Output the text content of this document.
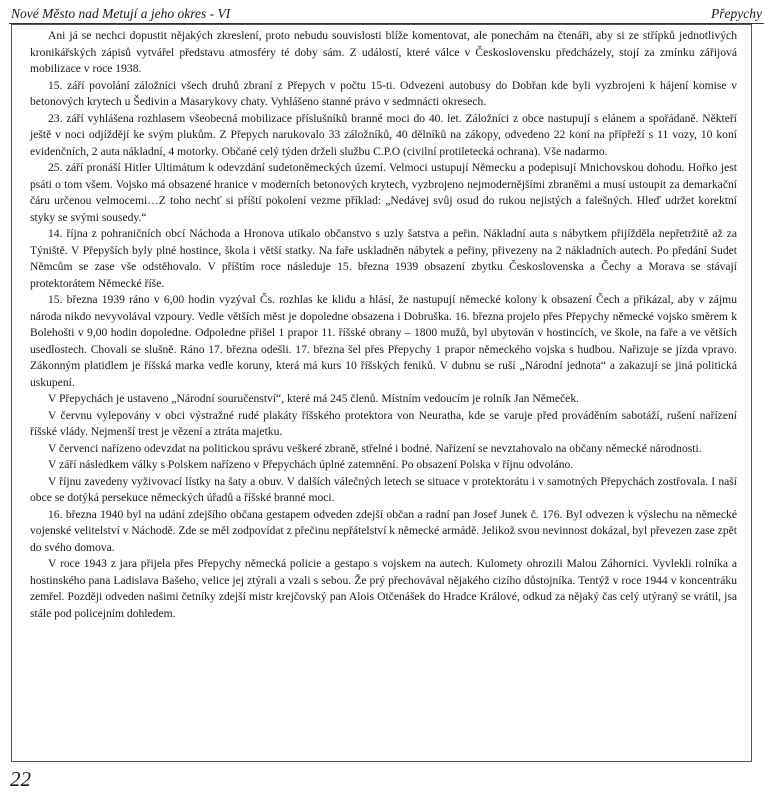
Nové Město nad Metují a jeho okres - VI	Přepychy

Ani já se nechci dopustit nějakých zkreslení, proto nebudu souvislosti blíže komentovat, ale ponechám na čtenáři, aby si ze střípků jednotlivých kronikářských zápisů vytvářel představu atmosféry té doby sám. Z událostí, které válce v Československu předcházely, stojí za zmínku zářijová mobilizace v roce 1938.

15. září povolání záložníci všech druhů zbraní z Přepych v počtu 15-ti. Odvezeni autobusy do Dobřan kde byli vyzbrojeni k hájení komise v betonových krytech u Šedivin a Masarykovy chaty. Vyhlášeno stanné právo v sedmnácti okresech.

23. září vyhlášena rozhlasem všeobecná mobilizace příslušníků branné moci do 40. let. Záložníci z obce nastupují s elánem a spořádaně. Někteří ještě v noci odjíždějí ke svým plukům. Z Přepych narukovalo 33 záložníků, 40 dělníků na zákopy, odvedeno 22 koní na přípřeží s 11 vozy, 10 koní evidenčních, 2 auta nákladní, 4 motorky. Občané celý týden drželi službu C.P.O (civilní protiletecká ochrana). Vše nadarmo.

25. září pronáší Hitler Ultimátum k odevzdání sudetoněmeckých území. Velmoci ustupují Německu a podepisují Mnichovskou dohodu. Hořko jest psáti o tom všem. Vojsko má obsazené hranice v moderních betonových krytech, vyzbrojeno nejmodernějšími zbraněmi a musí ustoupit za demarkační čáru určenou velmocemi…Z toho nechť si příští pokolení vezme příklad: „Nedávej svůj osud do rukou nejistých a falešných. Hleď udržet korektní styky se svými sousedy.“

14. října z pohraničních obcí Náchoda a Hronova utíkalo občanstvo s uzly šatstva a peřin. Nákladní auta s nábytkem přijížděla nepřetržitě až za Týniště. V Přepyších byly plné hostince, škola i větší statky. Na faře uskladněn nábytek a peřiny, přivezeny na 2 nákladních autech. Po předání Sudet Němcům se zase vše odstěhovalo. V příštím roce následuje 15. března 1939 obsazení zbytku Československa a Čechy a Morava se stávají protektorátem Německé říše.

15. března 1939 ráno v 6,00 hodin vyzýval Čs. rozhlas ke klidu a hlásí, že nastupují německé kolony k obsazení Čech a přikázal, aby v zájmu národa nikdo nevyvolával vzpoury. Vedle větších měst je dopoledne obsazena i Dobruška. 16. března projelo přes Přepychy německé vojsko směrem k Bolehošti v 9,00 hodin dopoledne. Odpoledne přišel 1 prapor 11. říšské obrany – 1800 mužů, byl ubytován v hostincích, ve škole, na faře a ve větších usedlostech. Chovali se slušně. Ráno 17. března odešli. 17. března šel přes Přepychy 1 prapor německého vojska s hudbou. Nařizuje se jízda vpravo. Zákonným platidlem je říšská marka vedle koruny, která má kurs 10 říšských feniků. V dubnu se ruší „Národní jednota“ a zakazují se jiná politická uskupení.

V Přepychách je ustaveno „Národní souručenství“, které má 245 členů. Místním vedoucím je rolník Jan Němeček.

V červnu vylepovány v obci výstražné rudé plakáty říšského protektora von Neuratha, kde se varuje před prováděním sabotáží, rušení nařízení říšské vlády. Nejmenší trest je vězení a ztráta majetku.

V červenci nařízeno odevzdat na politickou správu veškeré zbraně, střelné i bodné. Nařízení se nevztahovalo na občany německé národnosti.

V září následkem války s Polskem nařízeno v Přepychách úplné zatemnění. Po obsazení Polska v říjnu odvoláno.

V říjnu zavedeny vyživovací lístky na šaty a obuv. V dalších válečných letech se situace v protektorátu i v samotných Přepychách zostřovala. I naší obce se dotýká persekuce německých úřadů a říšské branné moci.

16. března 1940 byl na udání zdejšího občana gestapem odveden zdejší občan a radní pan Josef Junek č. 176. Byl odvezen k výslechu na německé vojenské velitelství v Náchodě. Zde se měl zodpovídat z přečinu nepřátelství k německé armádě. Jelikož svou nevinnost dokázal, byl převezen zase zpět do svého domova.

V roce 1943 z jara přijela přes Přepychy německá policie a gestapo s vojskem na autech. Kulomety ohrozili Malou Záhornici. Vyvlekli rolníka a hostinského pana Ladislava Bašeho, velice jej ztýrali a vzali s sebou. Že prý přechovával nějakého cizího důstojníka. Tentýž v roce 1944 v koncentráku zemřel. Později odveden našimi četníky zdejší mistr krejčovský pan Alois Otčenášek do Hradce Králové, odkud za nějaký čas celý utýraný se vrátil, jsa stále pod policejním dohledem.

22
